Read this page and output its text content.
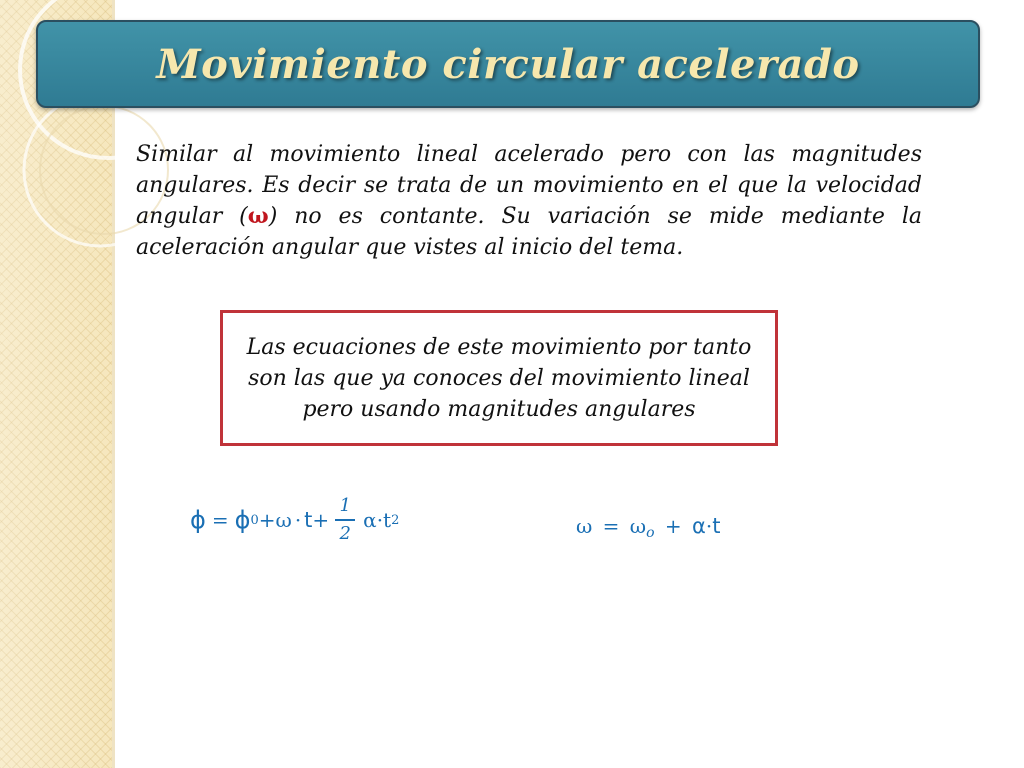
Movimiento circular acelerado

Similar al movimiento lineal acelerado pero con las magnitudes angulares. Es decir se trata de un movimiento en el que la velocidad angular (ω) no es contante. Su variación se mide mediante la aceleración angular que vistes al inicio del tema.

Las ecuaciones de este movimiento por tanto son las que ya conoces del movimiento lineal pero usando magnitudes angulares
ϕ = ϕ $0 + \omega \cdot t + \frac{1}{2}$ α · t 2	$\omega = \omega_o + \alpha\cdot t$
